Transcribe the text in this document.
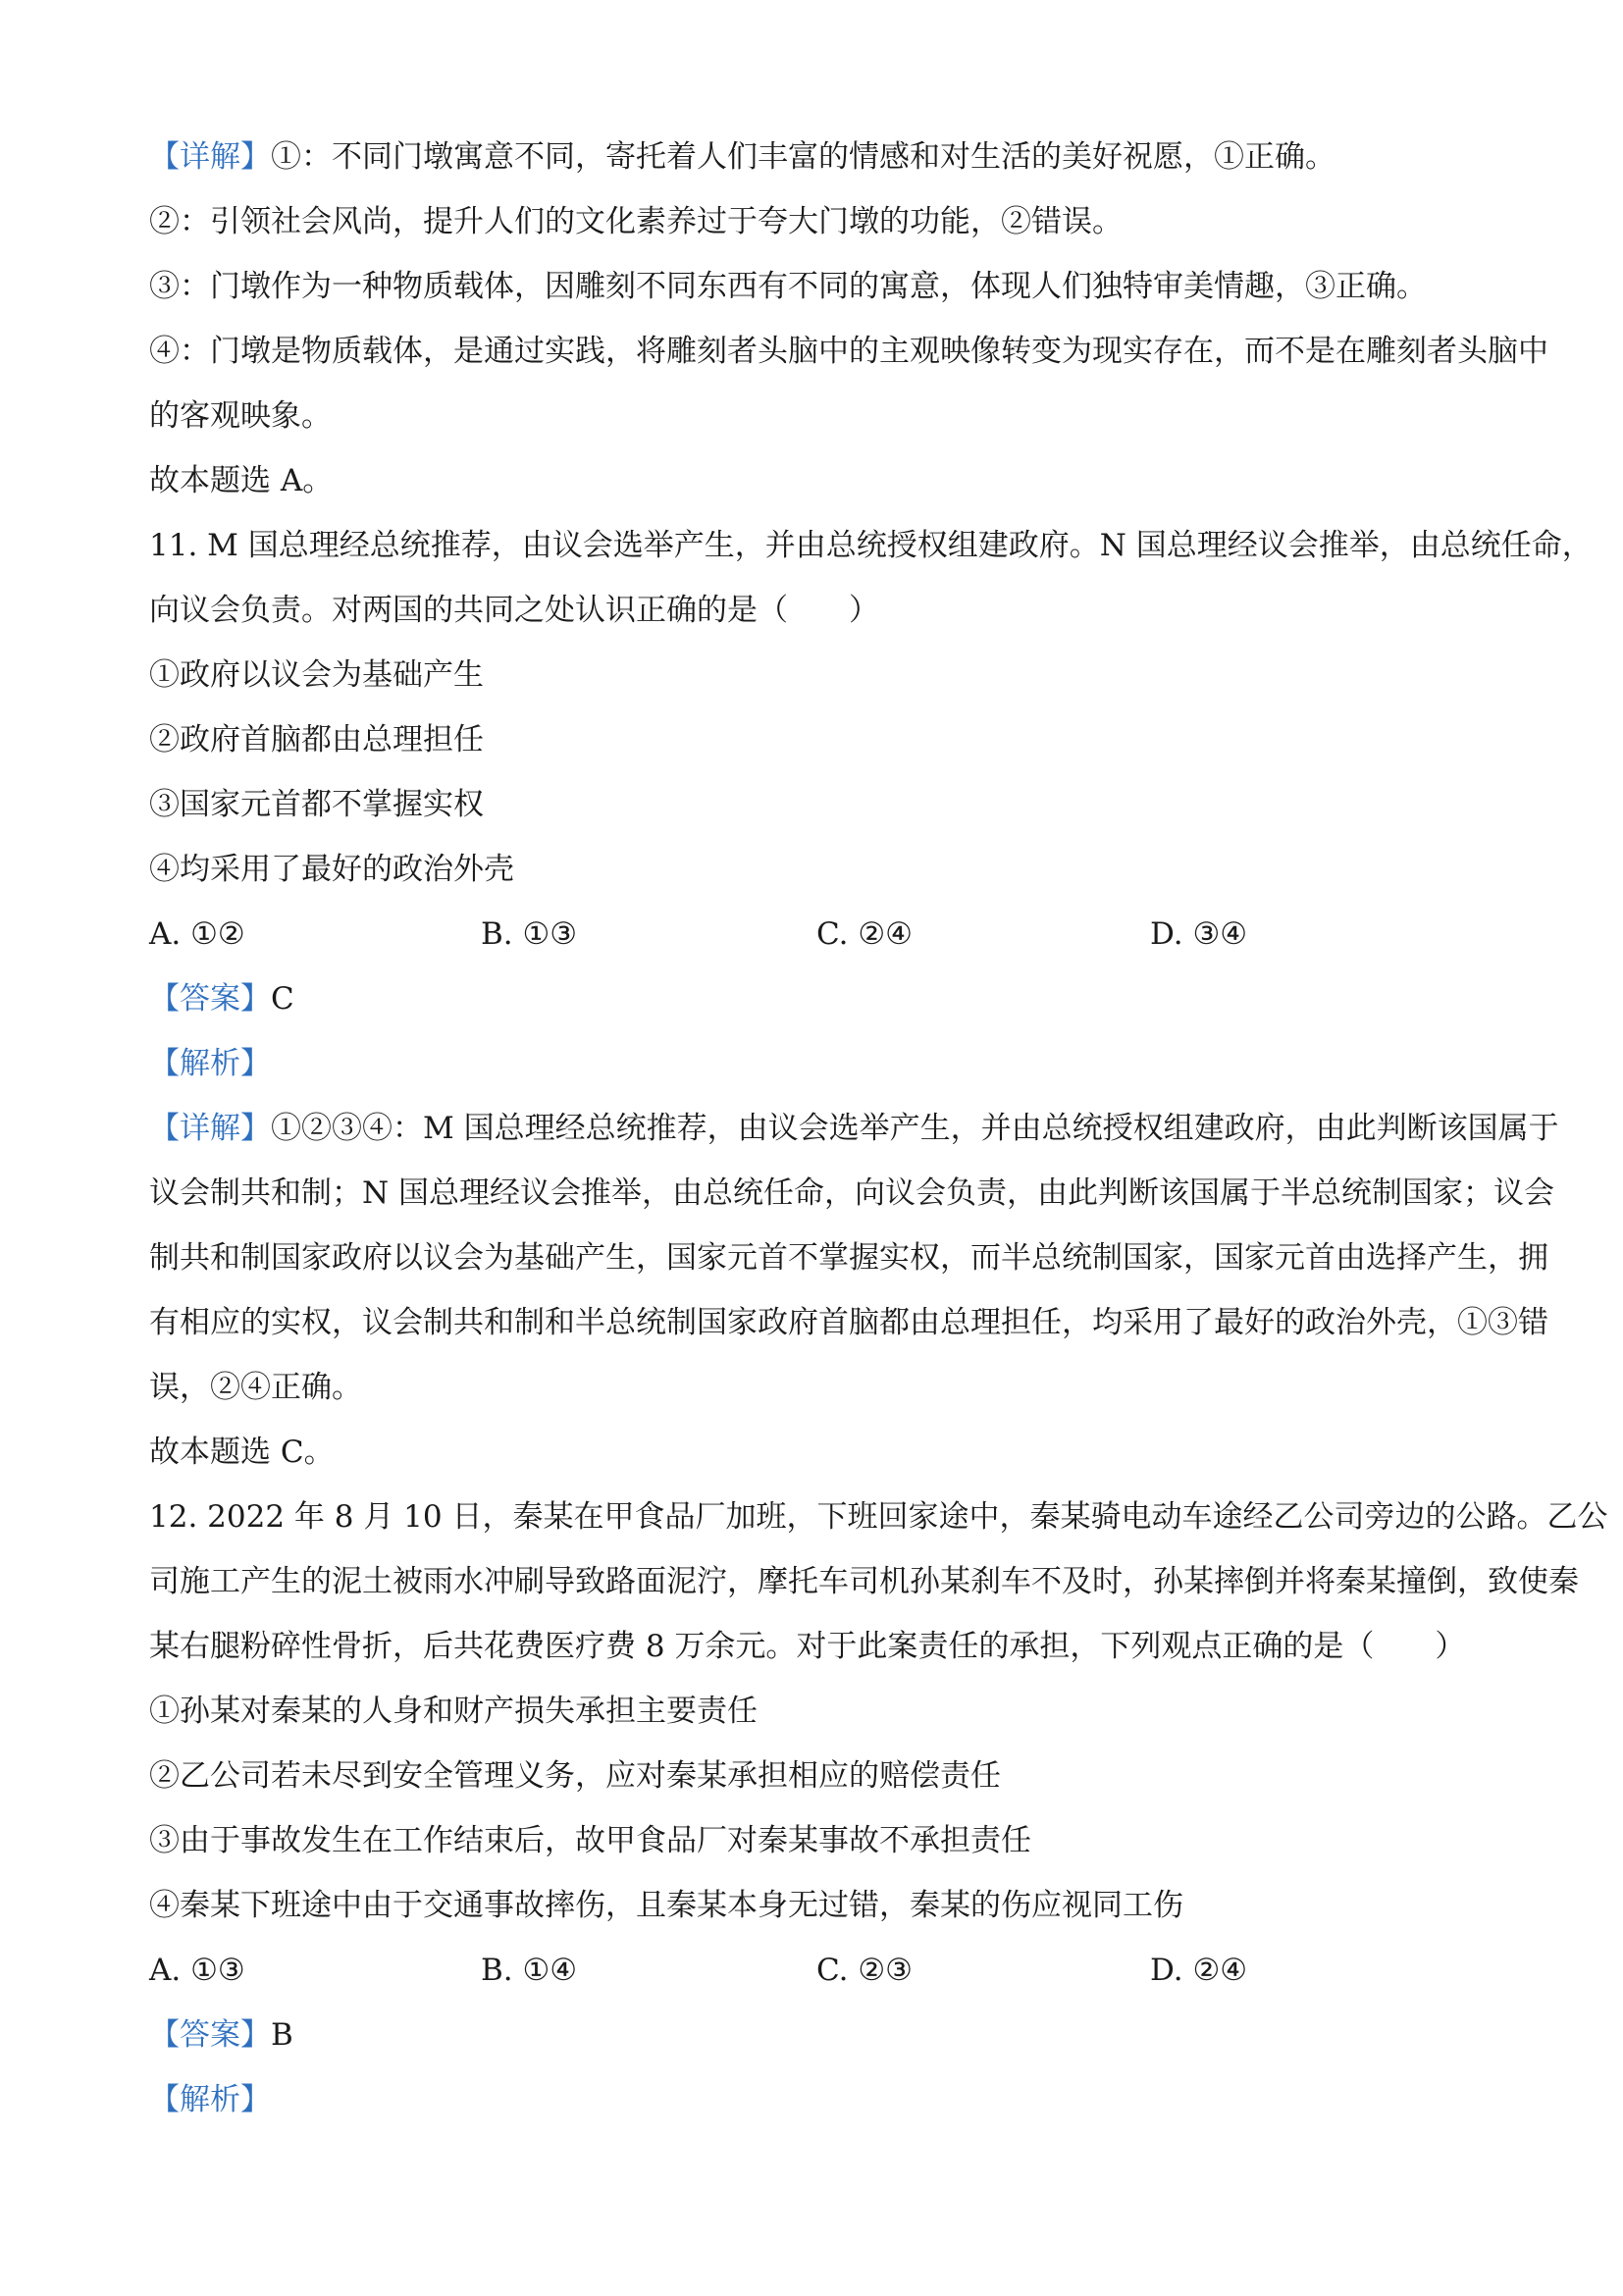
【详解】①：不同门墩寓意不同，寄托着人们丰富的情感和对生活的美好祝愿，①正确。
②：引领社会风尚，提升人们的文化素养过于夸大门墩的功能，②错误。
③：门墩作为一种物质载体，因雕刻不同东西有不同的寓意，体现人们独特审美情趣，③正确。
④：门墩是物质载体，是通过实践，将雕刻者头脑中的主观映像转变为现实存在，而不是在雕刻者头脑中
的客观映象。
故本题选 A。
11. M 国总理经总统推荐，由议会选举产生，并由总统授权组建政府。N 国总理经议会推举，由总统任命，
向议会负责。对两国的共同之处认识正确的是（　　）
①政府以议会为基础产生
②政府首脑都由总理担任
③国家元首都不掌握实权
④均采用了最好的政治外壳
A. ①②	B. ①③	C. ②④	D. ③④
【答案】C
【解析】
【详解】①②③④：M 国总理经总统推荐，由议会选举产生，并由总统授权组建政府，由此判断该国属于
议会制共和制；N 国总理经议会推举，由总统任命，向议会负责，由此判断该国属于半总统制国家；议会
制共和制国家政府以议会为基础产生，国家元首不掌握实权，而半总统制国家，国家元首由选择产生，拥
有相应的实权，议会制共和制和半总统制国家政府首脑都由总理担任，均采用了最好的政治外壳，①③错
误，②④正确。
故本题选 C。
12. 2022 年 8 月 10 日，秦某在甲食品厂加班，下班回家途中，秦某骑电动车途经乙公司旁边的公路。乙公
司施工产生的泥土被雨水冲刷导致路面泥泞，摩托车司机孙某刹车不及时，孙某摔倒并将秦某撞倒，致使秦
某右腿粉碎性骨折，后共花费医疗费 8 万余元。对于此案责任的承担，下列观点正确的是（　　）
①孙某对秦某的人身和财产损失承担主要责任
②乙公司若未尽到安全管理义务，应对秦某承担相应的赔偿责任
③由于事故发生在工作结束后，故甲食品厂对秦某事故不承担责任
④秦某下班途中由于交通事故摔伤，且秦某本身无过错，秦某的伤应视同工伤
A. ①③	B. ①④	C. ②③	D. ②④
【答案】B
【解析】
